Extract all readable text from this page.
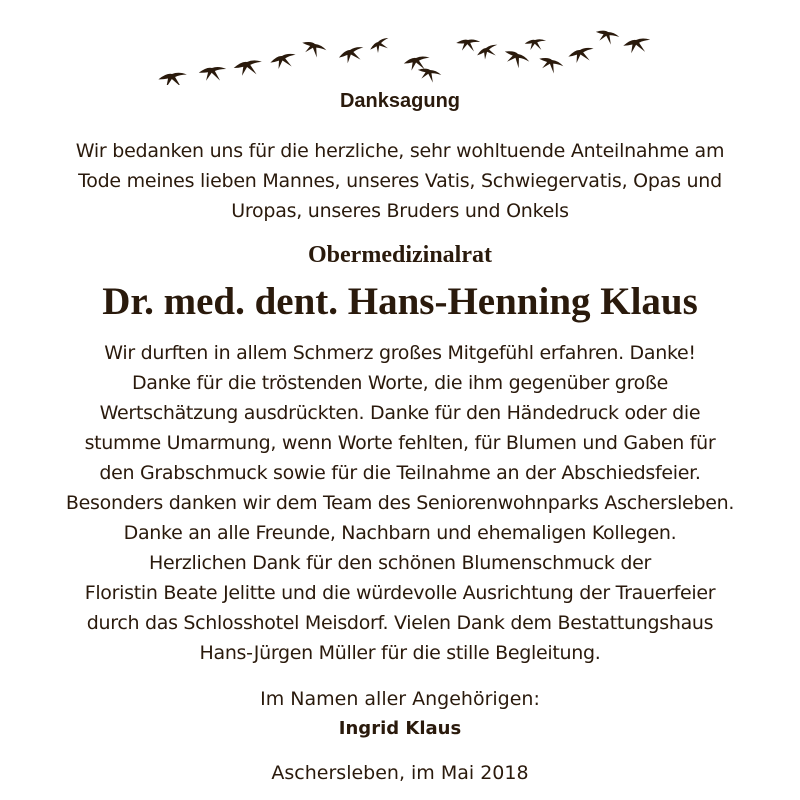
Danksagung

Wir bedanken uns für die herzliche, sehr wohltuende Anteilnahme am
Tode meines lieben Mannes, unseres Vatis, Schwiegervatis, Opas und
Uropas, unseres Bruders und Onkels

Obermedizinalrat
Dr. med. dent. Hans-Henning Klaus

Wir durften in allem Schmerz großes Mitgefühl erfahren. Danke!
Danke für die tröstenden Worte, die ihm gegenüber große
Wertschätzung ausdrückten. Danke für den Händedruck oder die
stumme Umarmung, wenn Worte fehlten, für Blumen und Gaben für
den Grabschmuck sowie für die Teilnahme an der Abschiedsfeier.
Besonders danken wir dem Team des Seniorenwohnparks Aschersleben.
Danke an alle Freunde, Nachbarn und ehemaligen Kollegen.
Herzlichen Dank für den schönen Blumenschmuck der
Floristin Beate Jelitte und die würdevolle Ausrichtung der Trauerfeier
durch das Schlosshotel Meisdorf. Vielen Dank dem Bestattungshaus
Hans-Jürgen Müller für die stille Begleitung.

Im Namen aller Angehörigen:

Ingrid Klaus

Aschersleben, im Mai 2018
